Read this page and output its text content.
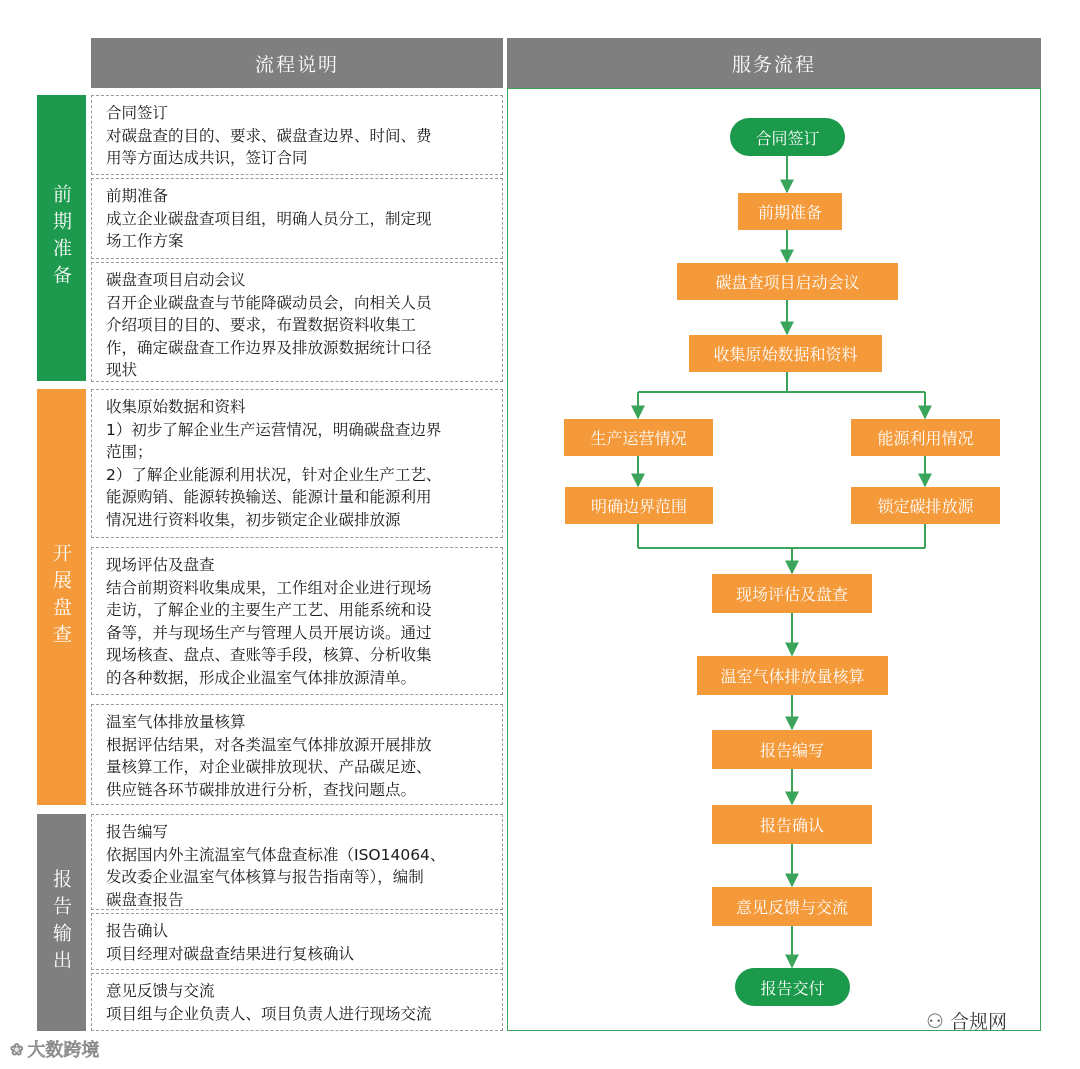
流程说明	服务流程
前期准备
开展盘查
报告输出
合同签订
对碳盘查的目的、要求、碳盘查边界、时间、费
用等方面达成共识，签订合同
前期准备
成立企业碳盘查项目组，明确人员分工，制定现
场工作方案
碳盘查项目启动会议
召开企业碳盘查与节能降碳动员会，向相关人员
介绍项目的目的、要求，布置数据资料收集工
作，确定碳盘查工作边界及排放源数据统计口径
现状
收集原始数据和资料
1）初步了解企业生产运营情况，明确碳盘查边界
范围；
2）了解企业能源利用状况，针对企业生产工艺、
能源购销、能源转换输送、能源计量和能源利用
情况进行资料收集，初步锁定企业碳排放源
现场评估及盘查
结合前期资料收集成果，工作组对企业进行现场
走访，了解企业的主要生产工艺、用能系统和设
备等，并与现场生产与管理人员开展访谈。通过
现场核查、盘点、查账等手段，核算、分析收集
的各种数据，形成企业温室气体排放源清单。
温室气体排放量核算
根据评估结果，对各类温室气体排放源开展排放
量核算工作，对企业碳排放现状、产品碳足迹、
供应链各环节碳排放进行分析，查找问题点。
报告编写
依据国内外主流温室气体盘查标准（ISO14064、
发改委企业温室气体核算与报告指南等），编制
碳盘查报告
报告确认
项目经理对碳盘查结果进行复核确认
意见反馈与交流
项目组与企业负责人、项目负责人进行现场交流
合同签订
前期准备
碳盘查项目启动会议
收集原始数据和资料
生产运营情况
明确边界范围
能源利用情况
锁定碳排放源
现场评估及盘查
温室气体排放量核算
报告编写
报告确认
意见反馈与交流
报告交付
❀ 大数跨境
⚇ 合规网
